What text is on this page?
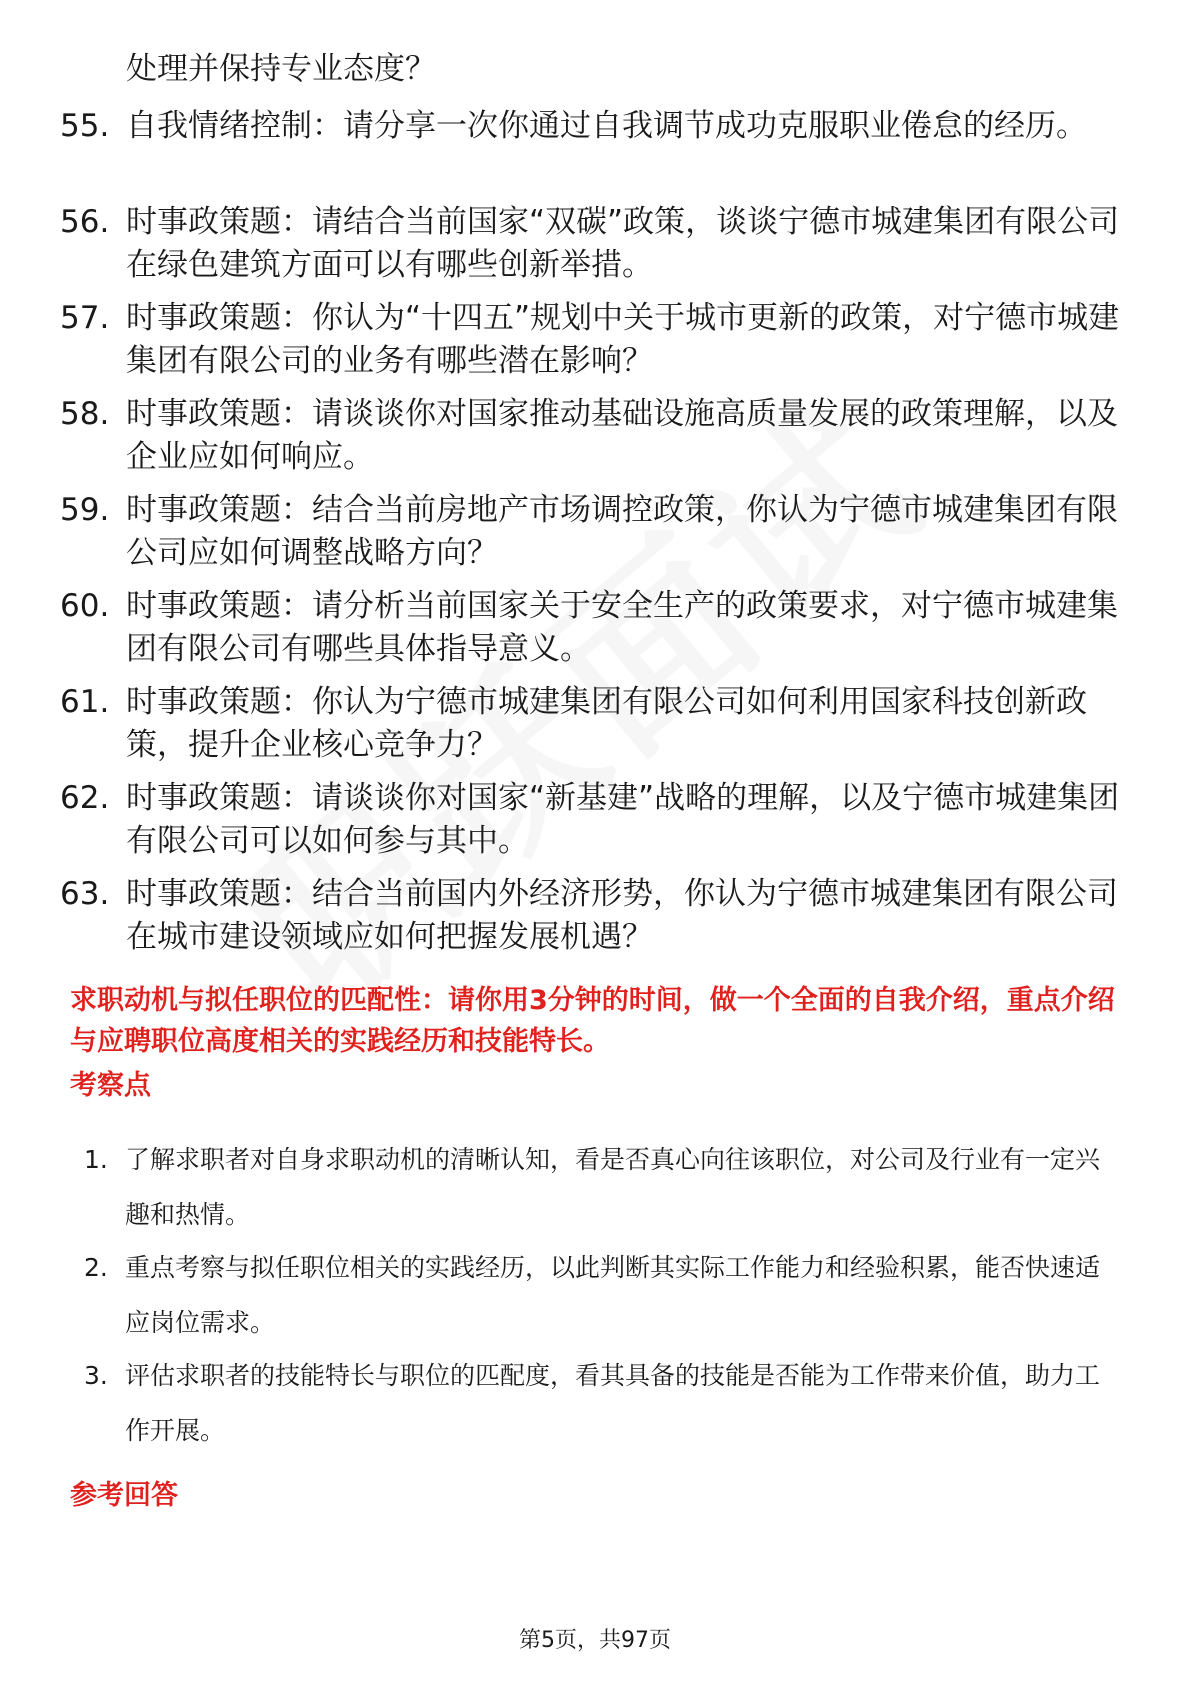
处理并保持专业态度？
55. 自我情绪控制：请分享一次你通过自我调节成功克服职业倦怠的经历。
56. 时事政策题：请结合当前国家“双碳”政策，谈谈宁德市城建集团有限公司在绿色建筑方面可以有哪些创新举措。
57. 时事政策题：你认为“十四五”规划中关于城市更新的政策，对宁德市城建集团有限公司的业务有哪些潜在影响？
58. 时事政策题：请谈谈你对国家推动基础设施高质量发展的政策理解，以及企业应如何响应。
59. 时事政策题：结合当前房地产市场调控政策，你认为宁德市城建集团有限公司应如何调整战略方向？
60. 时事政策题：请分析当前国家关于安全生产的政策要求，对宁德市城建集团有限公司有哪些具体指导意义。
61. 时事政策题：你认为宁德市城建集团有限公司如何利用国家科技创新政策，提升企业核心竞争力？
62. 时事政策题：请谈谈你对国家“新基建”战略的理解，以及宁德市城建集团有限公司可以如何参与其中。
63. 时事政策题：结合当前国内外经济形势，你认为宁德市城建集团有限公司在城市建设领域应如何把握发展机遇？
求职动机与拟任职位的匹配性：请你用3分钟的时间，做一个全面的自我介绍，重点介绍与应聘职位高度相关的实践经历和技能特长。
考察点
1. 了解求职者对自身求职动机的清晰认知，看是否真心向往该职位，对公司及行业有一定兴趣和热情。
2. 重点考察与拟任职位相关的实践经历，以此判断其实际工作能力和经验积累，能否快速适应岗位需求。
3. 评估求职者的技能特长与职位的匹配度，看其具备的技能是否能为工作带来价值，助力工作开展。
参考回答
第5页，共97页
